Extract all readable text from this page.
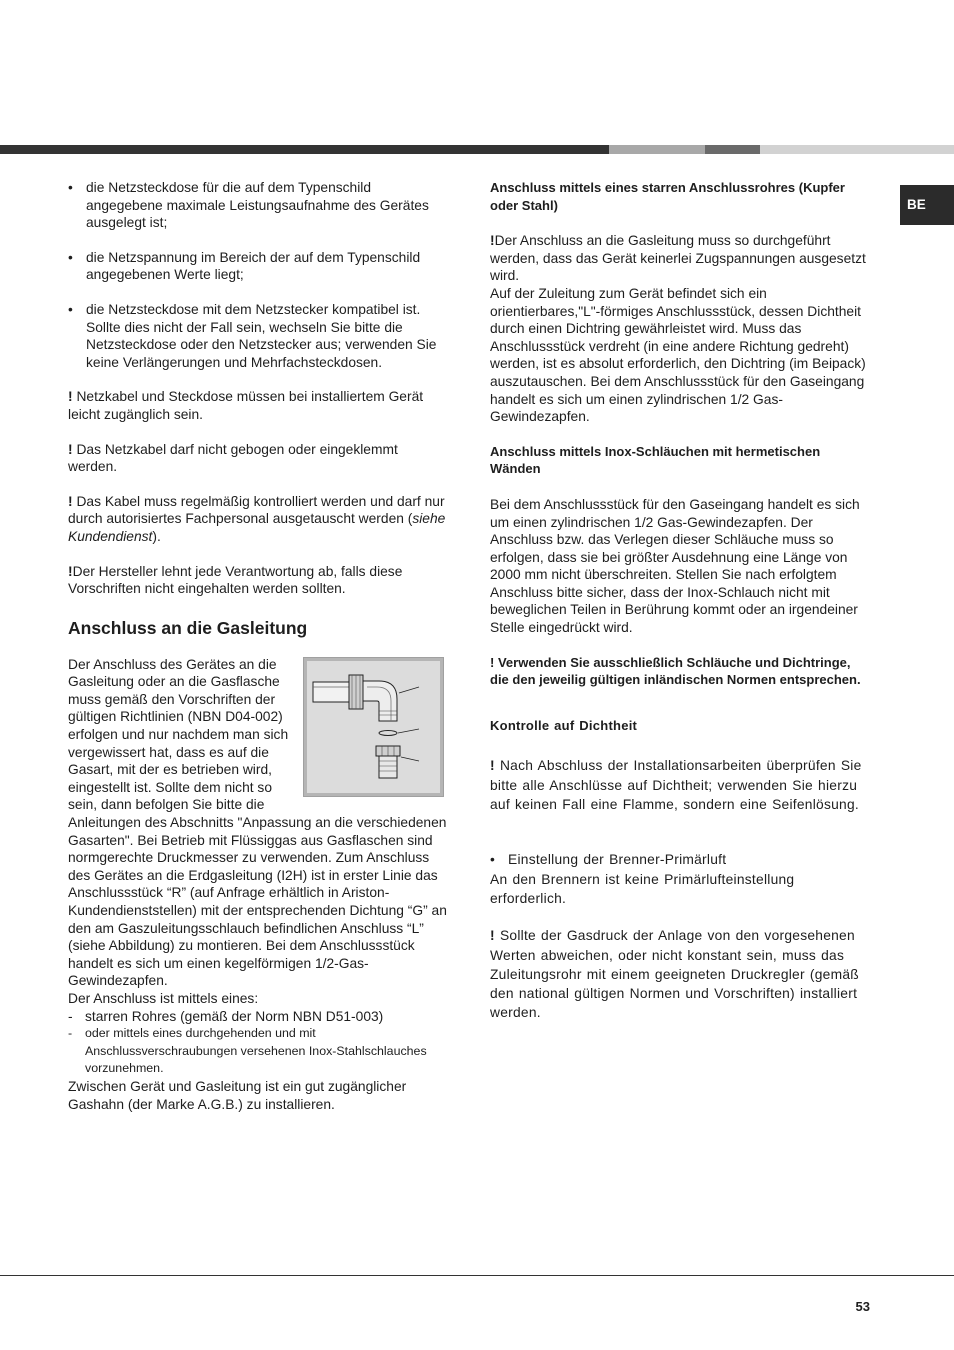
BE
• die Netzsteckdose für die auf dem Typenschild angegebene maximale Leistungsaufnahme des Gerätes ausgelegt ist;

• die Netzspannung im Bereich der auf dem Typenschild angegebenen Werte liegt;

• die Netzsteckdose mit dem Netzstecker kompatibel ist. Sollte dies nicht der Fall sein, wechseln Sie bitte die Netzsteckdose oder den Netzstecker aus; verwenden Sie keine Verlängerungen und Mehrfachsteckdosen.

! Netzkabel und Steckdose müssen bei installiertem Gerät leicht zugänglich sein.

! Das Netzkabel darf nicht gebogen oder eingeklemmt werden.

! Das Kabel muss regelmäßig kontrolliert werden und darf nur durch autorisiertes Fachpersonal ausgetauscht werden (siehe Kundendienst).

!Der Hersteller lehnt jede Verantwortung ab, falls diese Vorschriften nicht eingehalten werden sollten.

Anschluss an die Gasleitung

Der Anschluss des Gerätes an die Gasleitung oder an die Gasflasche muss gemäß den Vorschriften der gültigen Richtlinien (NBN D04-002) erfolgen und nur nachdem man sich vergewissert hat, dass es auf die Gasart, mit der es betrieben wird, eingestellt ist. Sollte dem nicht so sein, dann befolgen Sie bitte die Anleitungen des Abschnitts "Anpassung an die verschiedenen Gasarten". Bei Betrieb mit Flüssiggas aus Gasflaschen sind normgerechte Druckmesser zu verwenden. Zum Anschluss des Gerätes an die Erdgasleitung (I2H) ist in erster Linie das Anschlussstück “R” (auf Anfrage erhältlich in Ariston-Kundendienststellen) mit der entsprechenden Dichtung “G” an den am Gaszuleitungsschlauch befindlichen Anschluss “L” (siehe Abbildung) zu montieren. Bei dem Anschlussstück handelt es sich um einen kegelförmigen 1/2-Gas-Gewindezapfen.

Der Anschluss ist mittels eines:

- starren Rohres (gemäß der Norm NBN D51-003)

- oder mittels eines durchgehenden und mit Anschlussverschraubungen versehenen Inox-Stahlschlauches vorzunehmen.

Zwischen Gerät und Gasleitung ist ein gut zugänglicher Gashahn (der Marke A.G.B.) zu installieren.

Anschluss mittels eines starren Anschlussrohres (Kupfer oder Stahl)

!Der Anschluss an die Gasleitung muss so durchgeführt werden, dass das Gerät keinerlei Zugspannungen ausgesetzt wird.

Auf der Zuleitung zum Gerät befindet sich ein orientierbares,"L"-förmiges Anschlussstück, dessen Dichtheit durch einen Dichtring gewährleistet wird. Muss das Anschlussstück verdreht (in eine andere Richtung gedreht) werden, ist es absolut erforderlich, den Dichtring (im Beipack) auszutauschen. Bei dem Anschlussstück für den Gaseingang handelt es sich um einen zylindrischen 1/2 Gas-Gewindezapfen.

Anschluss mittels Inox-Schläuchen mit hermetischen Wänden

Bei dem Anschlussstück für den Gaseingang handelt es sich um einen zylindrischen 1/2 Gas-Gewindezapfen. Der Anschluss bzw. das Verlegen dieser Schläuche muss so erfolgen, dass sie bei größter Ausdehnung eine Länge von 2000 mm nicht überschreiten. Stellen Sie nach erfolgtem Anschluss bitte sicher, dass der Inox-Schlauch nicht mit beweglichen Teilen in Berührung kommt oder an irgendeiner Stelle eingedrückt wird.

! Verwenden Sie ausschließlich Schläuche und Dichtringe, die den jeweilig gültigen inländischen Normen entsprechen.

Kontrolle auf Dichtheit

! Nach Abschluss der Installationsarbeiten überprüfen Sie bitte alle Anschlüsse auf Dichtheit; verwenden Sie hierzu auf keinen Fall eine Flamme, sondern eine Seifenlösung.

• Einstellung der Brenner-Primärluft

An den Brennern ist keine Primärlufteinstellung erforderlich.

! Sollte der Gasdruck der Anlage von den vorgesehenen Werten abweichen, oder nicht konstant sein, muss das Zuleitungsrohr mit einem geeigneten Druckregler (gemäß den national gültigen Normen und Vorschriften) installiert werden.

53
